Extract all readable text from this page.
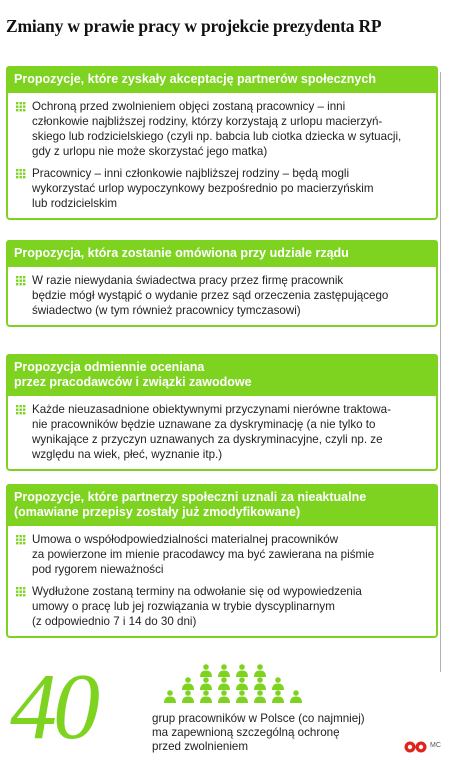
Zmiany w prawie pracy w projekcie prezydenta RP
Propozycje, które zyskały akceptację partnerów społecznych
Ochroną przed zwolnieniem objęci zostaną pracownicy – inni
członkowie najbliższej rodziny, którzy korzystają z urlopu macierzyń-
skiego lub rodzicielskiego (czyli np. babcia lub ciotka dziecka w sytuacji,
gdy z urlopu nie może skorzystać jego matka)
Pracownicy – inni członkowie najbliższej rodziny – będą mogli
wykorzystać urlop wypoczynkowy bezpośrednio po macierzyńskim
lub rodzicielskim
Propozycja, która zostanie omówiona przy udziale rządu
W razie niewydania świadectwa pracy przez firmę pracownik
będzie mógł wystąpić o wydanie przez sąd orzeczenia zastępującego
świadectwo (w tym również pracownicy tymczasowi)
Propozycja odmiennie oceniana
przez pracodawców i związki zawodowe
Każde nieuzasadnione obiektywnymi przyczynami nierówne traktowa-
nie pracowników będzie uznawane za dyskryminację (a nie tylko to
wynikające z przyczyn uznawanych za dyskryminacyjne, czyli np. ze
względu na wiek, płeć, wyznanie itp.)
Propozycje, które partnerzy społeczni uznali za nieaktualne
(omawiane przepisy zostały już zmodyfikowane)
Umowa o współodpowiedzialności materialnej pracowników
za powierzone im mienie pracodawcy ma być zawierana na piśmie
pod rygorem nieważności
Wydłużone zostaną terminy na odwołanie się od wypowiedzenia
umowy o pracę lub jej rozwiązania w trybie dyscyplinarnym
(z odpowiednio 7 i 14 do 30 dni)
40	grup pracowników w Polsce (co najmniej)
ma zapewnioną szczególną ochronę
przed zwolnieniem	MC
